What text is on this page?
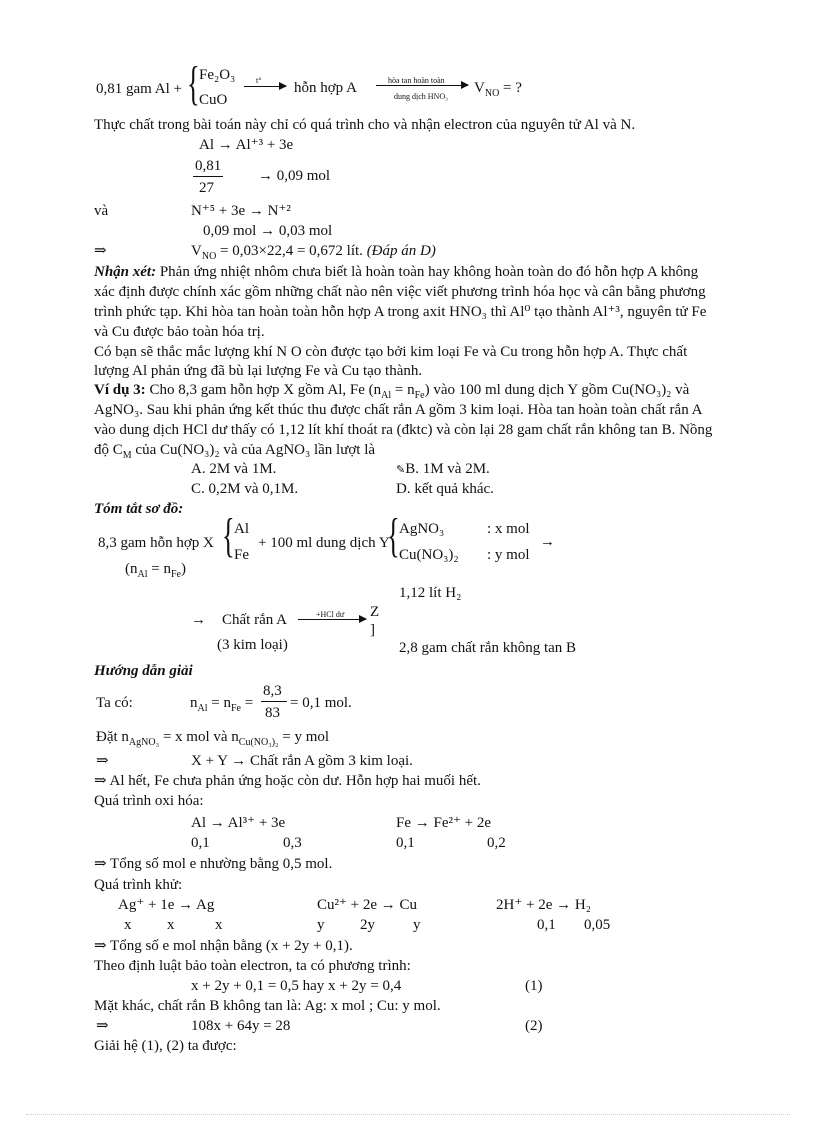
0,81 gam Al + { Fe₂O₃
CuO
t° hỗn hợp A	hòa tan hoàn toàn
dung dịch HNO₃
$V_{NO}$ = ?
Thực chất trong bài toán này chỉ có quá trình cho và nhận electron của nguyên tử Al và N.
Al → Al⁺³ + 3e
0,81
27
→ 0,09 mol
và	N⁺⁵ + 3e → N⁺²
0,09 mol → 0,03 mol
⇒	$V_{NO} = 0,03\times 22,4 = 0,672$ lít. (Đáp án D)
Nhận xét: Phản ứng nhiệt nhôm chưa biết là hoàn toàn hay không hoàn toàn do đó hỗn hợp A không
xác định được chính xác gồm những chất nào nên việc viết phương trình hóa học và cân bằng phương
trình phức tạp. Khi hòa tan hoàn toàn hỗn hợp A trong axit HNO₃ thì Al⁰ tạo thành Al⁺³, nguyên tử Fe
và Cu được bảo toàn hóa trị.
Có bạn sẽ thắc mắc lượng khí N O còn được tạo bởi kim loại Fe và Cu trong hỗn hợp A. Thực chất
lượng Al phản ứng đã bù lại lượng Fe và Cu tạo thành.
Ví dụ 3: Cho 8,3 gam hỗn hợp X gồm Al, Fe $(n_{Al} = n_{Fe})$ vào 100 ml dung dịch Y gồm Cu(NO₃)₂ và
AgNO₃. Sau khi phản ứng kết thúc thu được chất rắn A gồm 3 kim loại. Hòa tan hoàn toàn chất rắn A
vào dung dịch HCl dư thấy có 1,12 lít khí thoát ra (đktc) và còn lại 28 gam chất rắn không tan B. Nồng
độ $C_M$ của Cu(NO₃)₂ và của AgNO₃ lần lượt là
A. 2M và 1M.	✎B. 1M và 2M.
C. 0,2M và 0,1M.	D. kết quả khác.
Tóm tắt sơ đồ:
8,3 gam hỗn hợp X { Al
Fe
+ 100 ml dung dịch Y
{ AgNO₃	: x mol
Cu(NO₃)₂ : y mol
→
$(n_{Al} = n_{Fe})$
1,12 lít H₂
→ Chất rắn A	+HCl dư Z
]
(3 kim loại)	2,8 gam chất rắn không tan B
Hướng dẫn giải
Ta có:	$n_{Al} = n_{Fe}$ =
8,3
83
= 0,1 mol.
Đặt $n_{AgNO_3} = x$ mol và $n_{Cu(NO_3)_2} = y$ mol
⇒	X + Y → Chất rắn A gồm 3 kim loại.
⇒ Al hết, Fe chưa phản ứng hoặc còn dư. Hỗn hợp hai muối hết.
Quá trình oxi hóa:
Al → Al³⁺ + 3e	Fe → Fe²⁺ + 2e
0,1	0,3	0,1	0,2
⇒ Tổng số mol e nhường bằng 0,5 mol.
Quá trình khử:
Ag⁺ + 1e → Ag	Cu²⁺ + 2e → Cu	2H⁺ + 2e → H₂
x x	x	y 2y	y	0,1 0,05
⇒ Tổng số e mol nhận bằng (x + 2y + 0,1).
Theo định luật bảo toàn electron, ta có phương trình:
x + 2y + 0,1 = 0,5 hay x + 2y = 0,4	(1)
Mặt khác, chất rắn B không tan là: Ag: x mol ; Cu: y mol.
⇒	108x + 64y = 28	(2)
Giải hệ (1), (2) ta được:
